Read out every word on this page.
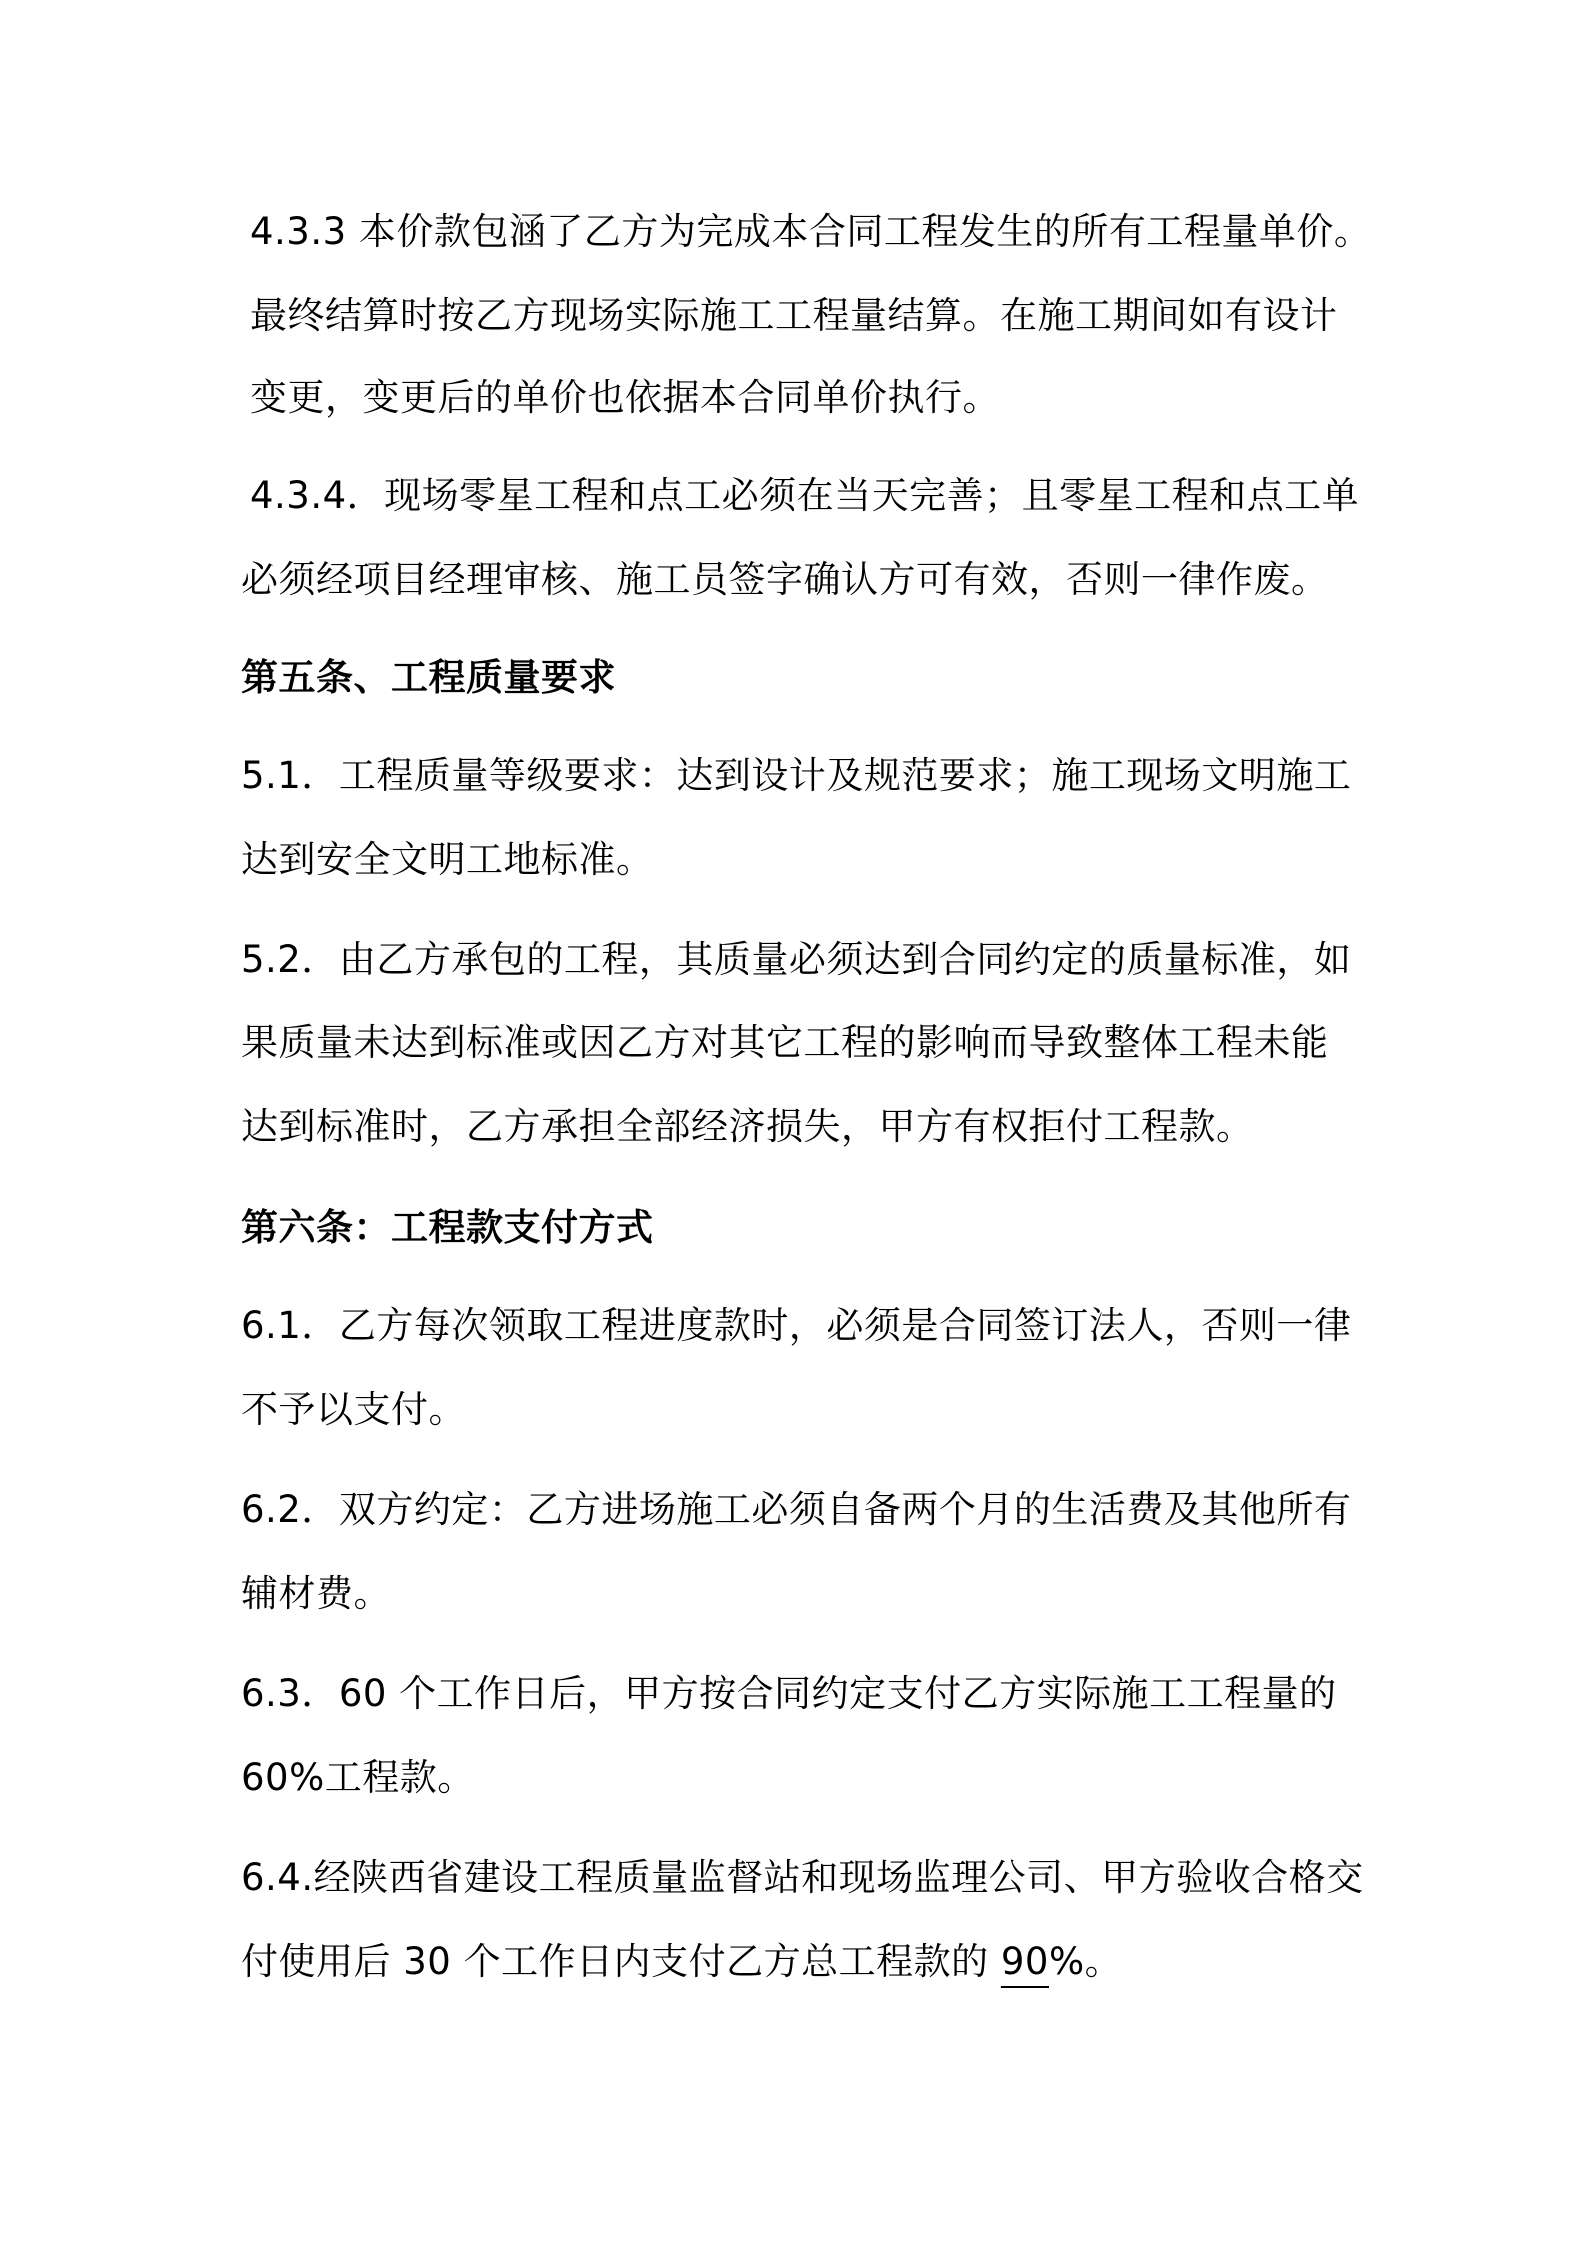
4.3.3 本价款包涵了乙方为完成本合同工程发生的所有工程量单价。
最终结算时按乙方现场实际施工工程量结算。在施工期间如有设计
变更，变更后的单价也依据本合同单价执行。
4.3.4．现场零星工程和点工必须在当天完善；且零星工程和点工单
必须经项目经理审核、施工员签字确认方可有效，否则一律作废。
第五条、工程质量要求
5.1．工程质量等级要求：达到设计及规范要求；施工现场文明施工
达到安全文明工地标准。
5.2．由乙方承包的工程，其质量必须达到合同约定的质量标准，如
果质量未达到标准或因乙方对其它工程的影响而导致整体工程未能
达到标准时，乙方承担全部经济损失，甲方有权拒付工程款。
第六条：工程款支付方式
6.1．乙方每次领取工程进度款时，必须是合同签订法人，否则一律
不予以支付。
6.2．双方约定：乙方进场施工必须自备两个月的生活费及其他所有
辅材费。
6.3．60 个工作日后，甲方按合同约定支付乙方实际施工工程量的
60%工程款。
6.4.经陕西省建设工程质量监督站和现场监理公司、甲方验收合格交
付使用后 30 个工作日内支付乙方总工程款的 90%。
